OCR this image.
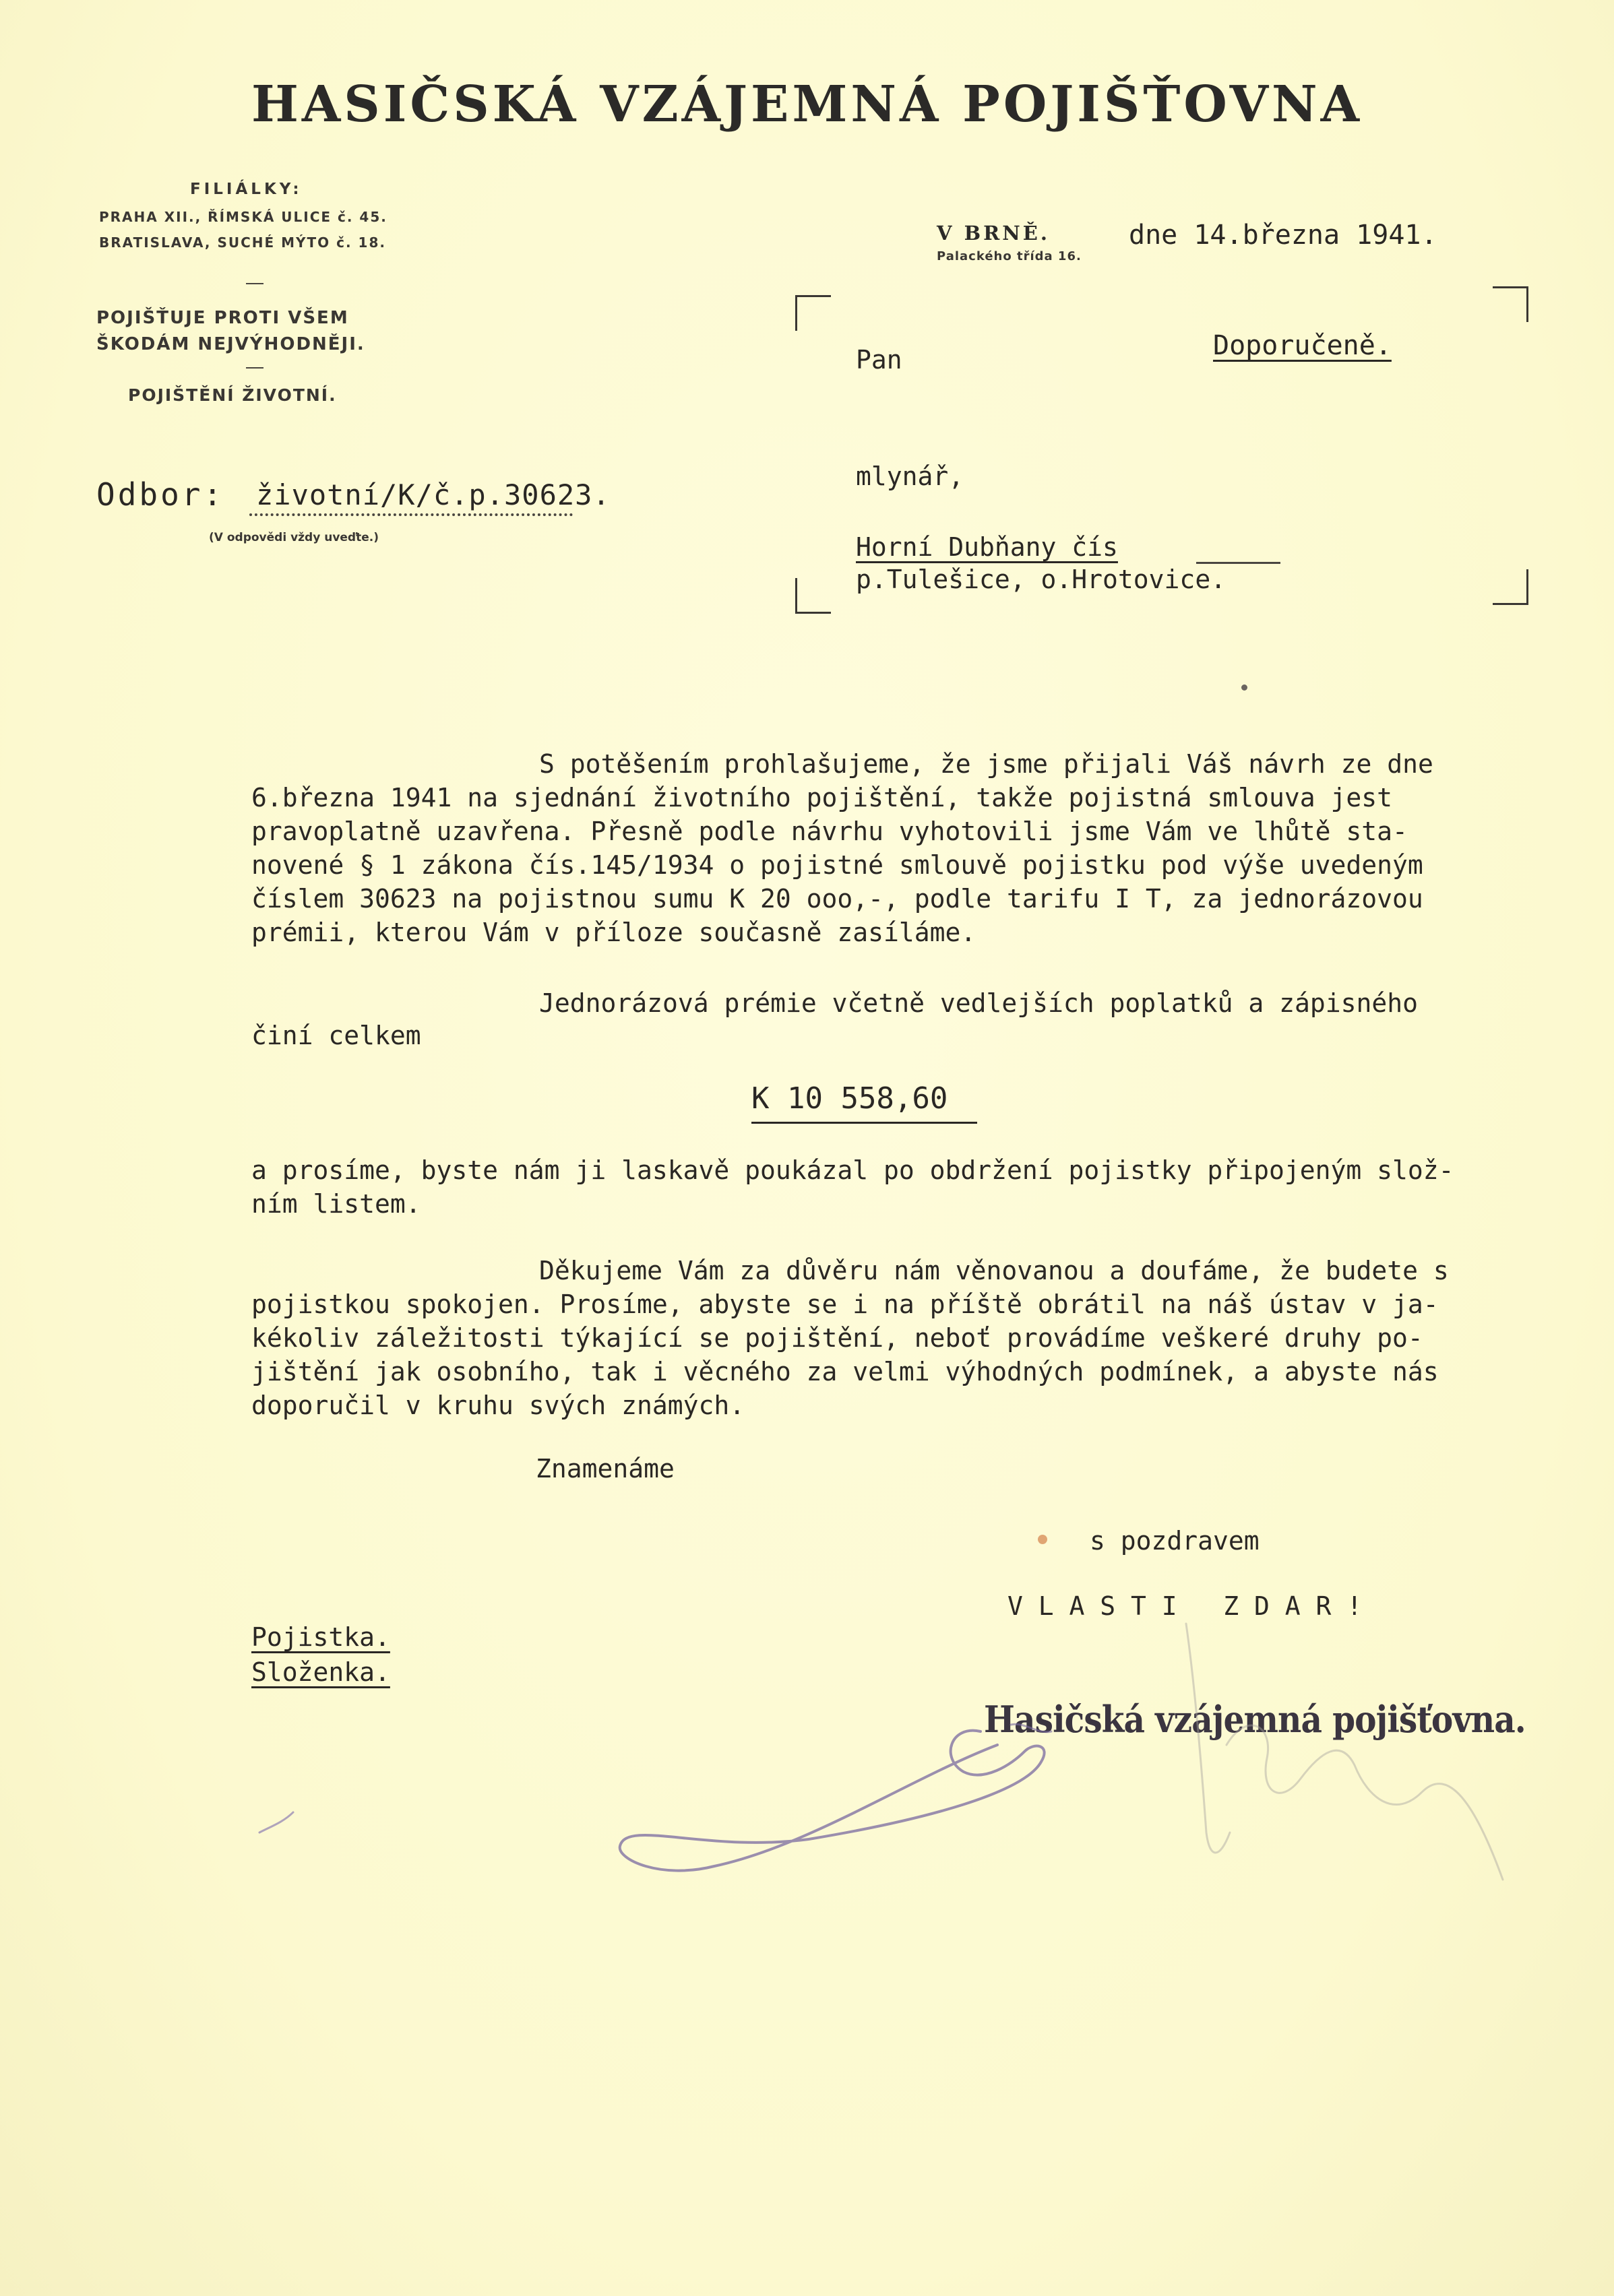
HASIČSKÁ VZÁJEMNÁ POJIŠŤOVNA
FILIÁLKY:
PRAHA XII., ŘÍMSKÁ ULICE č. 45.
BRATISLAVA, SUCHÉ MÝTO č. 18.
POJIŠŤUJE PROTI VŠEM
ŠKODÁM NEJVÝHODNĚJI.
POJIŠTĚNÍ ŽIVOTNÍ.
Odbor: životní/K/č.p.30623.
(V odpovědi vždy uveďte.)
V BRNĚ.
Palackého třída 16.
dne 14.března 1941.
Pan	Doporučeně.
mlynář,
Horní Dubňany čís
p.Tulešice, o.Hrotovice.
S potěšením prohlašujeme, že jsme přijali Váš návrh ze dne
6.března 1941 na sjednání životního pojištění, takže pojistná smlouva jest
pravoplatně uzavřena. Přesně podle návrhu vyhotovili jsme Vám ve lhůtě sta-
novené § 1 zákona čís.145/1934 o pojistné smlouvě pojistku pod výše uvedeným
číslem 30623 na pojistnou sumu K 20 ooo,-, podle tarifu I T, za jednorázovou
prémii, kterou Vám v příloze současně zasíláme.
Jednorázová prémie včetně vedlejších poplatků a zápisného
činí celkem
K 10 558,60
a prosíme, byste nám ji laskavě poukázal po obdržení pojistky připojeným slož-
ním listem.
Děkujeme Vám za důvěru nám věnovanou a doufáme, že budete s
pojistkou spokojen. Prosíme, abyste se i na příště obrátil na náš ústav v ja-
kékoliv záležitosti týkající se pojištění, neboť provádíme veškeré druhy po-
jištění jak osobního, tak i věcného za velmi výhodných podmínek, a abyste nás
doporučil v kruhu svých známých.
Znamenáme
s pozdravem
V L A S T I   Z D A R !
Pojistka.
Složenka.
Hasičská vzájemná pojišťovna.
